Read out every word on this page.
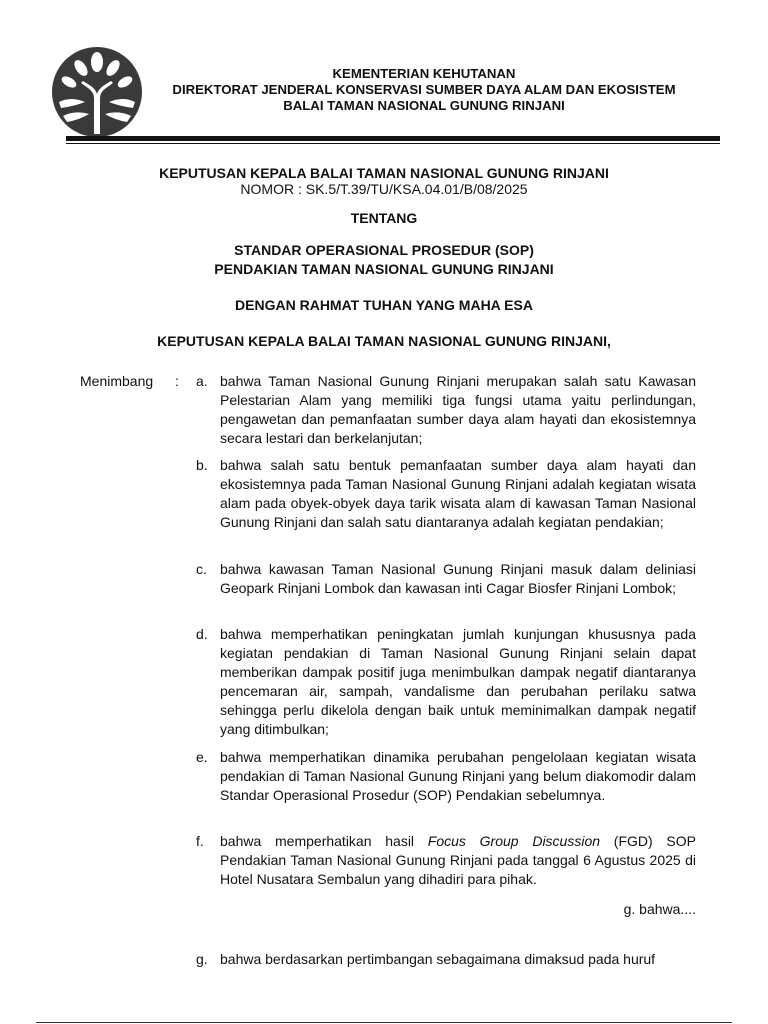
KEMENTERIAN KEHUTANAN
DIREKTORAT JENDERAL KONSERVASI SUMBER DAYA ALAM DAN EKOSISTEM
BALAI TAMAN NASIONAL GUNUNG RINJANI
KEPUTUSAN KEPALA BALAI TAMAN NASIONAL GUNUNG RINJANI
NOMOR : SK.5/T.39/TU/KSA.04.01/B/08/2025
TENTANG
STANDAR OPERASIONAL PROSEDUR (SOP)
PENDAKIAN TAMAN NASIONAL GUNUNG RINJANI
DENGAN RAHMAT TUHAN YANG MAHA ESA
KEPUTUSAN KEPALA BALAI TAMAN NASIONAL GUNUNG RINJANI,
Menimbang : a. bahwa Taman Nasional Gunung Rinjani merupakan salah satu Kawasan Pelestarian Alam yang memiliki tiga fungsi utama yaitu perlindungan, pengawetan dan pemanfaatan sumber daya alam hayati dan ekosistemnya secara lestari dan berkelanjutan;
b. bahwa salah satu bentuk pemanfaatan sumber daya alam hayati dan ekosistemnya pada Taman Nasional Gunung Rinjani adalah kegiatan wisata alam pada obyek-obyek daya tarik wisata alam di kawasan Taman Nasional Gunung Rinjani dan salah satu diantaranya adalah kegiatan pendakian;
c. bahwa kawasan Taman Nasional Gunung Rinjani masuk dalam deliniasi Geopark Rinjani Lombok dan kawasan inti Cagar Biosfer Rinjani Lombok;
d. bahwa memperhatikan peningkatan jumlah kunjungan khususnya pada kegiatan pendakian di Taman Nasional Gunung Rinjani selain dapat memberikan dampak positif juga menimbulkan dampak negatif diantaranya pencemaran air, sampah, vandalisme dan perubahan perilaku satwa sehingga perlu dikelola dengan baik untuk meminimalkan dampak negatif yang ditimbulkan;
e. bahwa memperhatikan dinamika perubahan pengelolaan kegiatan wisata pendakian di Taman Nasional Gunung Rinjani yang belum diakomodir dalam Standar Operasional Prosedur (SOP) Pendakian sebelumnya.
f.	bahwa memperhatikan hasil Focus Group Discussion (FGD) SOP Pendakian Taman Nasional Gunung Rinjani pada tanggal 6 Agustus 2025 di Hotel Nusatara Sembalun yang dihadiri para pihak.
g. bahwa....
g. bahwa berdasarkan pertimbangan sebagaimana dimaksud pada huruf
